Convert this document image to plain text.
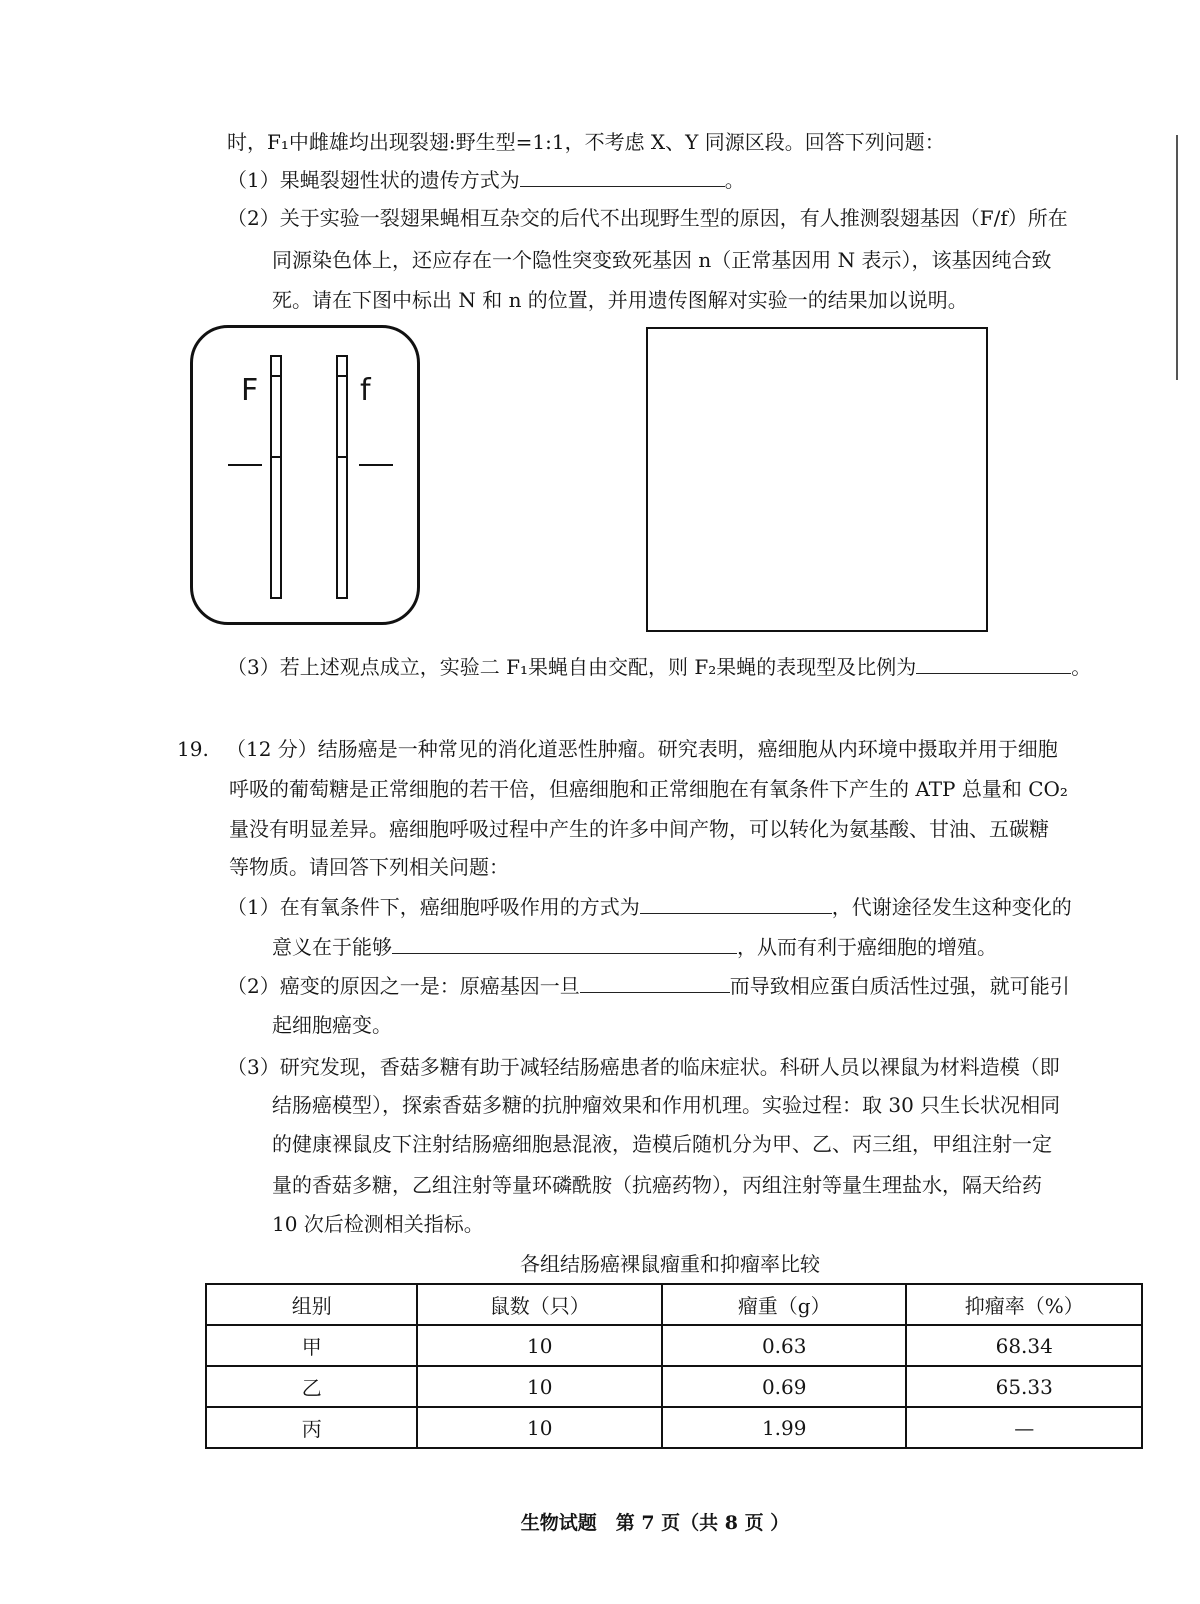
时，F₁中雌雄均出现裂翅:野生型=1:1，不考虑 X、Y 同源区段。回答下列问题：
（1）果蝇裂翅性状的遗传方式为	。
（2）关于实验一裂翅果蝇相互杂交的后代不出现野生型的原因，有人推测裂翅基因（F/f）所在
同源染色体上，还应存在一个隐性突变致死基因 n（正常基因用 N 表示），该基因纯合致
死。请在下图中标出 N 和 n 的位置，并用遗传图解对实验一的结果加以说明。
F	f
（3）若上述观点成立，实验二 F₁果蝇自由交配，则 F₂果蝇的表现型及比例为	。
19. （12 分）结肠癌是一种常见的消化道恶性肿瘤。研究表明，癌细胞从内环境中摄取并用于细胞
呼吸的葡萄糖是正常细胞的若干倍，但癌细胞和正常细胞在有氧条件下产生的 ATP 总量和 CO₂
量没有明显差异。癌细胞呼吸过程中产生的许多中间产物，可以转化为氨基酸、甘油、五碳糖
等物质。请回答下列相关问题：
（1）在有氧条件下，癌细胞呼吸作用的方式为	，代谢途径发生这种变化的
意义在于能够	，从而有利于癌细胞的增殖。
（2）癌变的原因之一是：原癌基因一旦	而导致相应蛋白质活性过强，就可能引
起细胞癌变。
（3）研究发现，香菇多糖有助于减轻结肠癌患者的临床症状。科研人员以裸鼠为材料造模（即
结肠癌模型），探索香菇多糖的抗肿瘤效果和作用机理。实验过程：取 30 只生长状况相同
的健康裸鼠皮下注射结肠癌细胞悬混液，造模后随机分为甲、乙、丙三组，甲组注射一定
量的香菇多糖，乙组注射等量环磷酰胺（抗癌药物），丙组注射等量生理盐水，隔天给药
10 次后检测相关指标。
各组结肠癌裸鼠瘤重和抑瘤率比较
组别	鼠数（只）	瘤重（g）	抑瘤率（%）
甲	10	0.63	68.34
乙	10	0.69	65.33
丙	10	1.99	—
生物试题　第 7 页（共 8 页 ）
